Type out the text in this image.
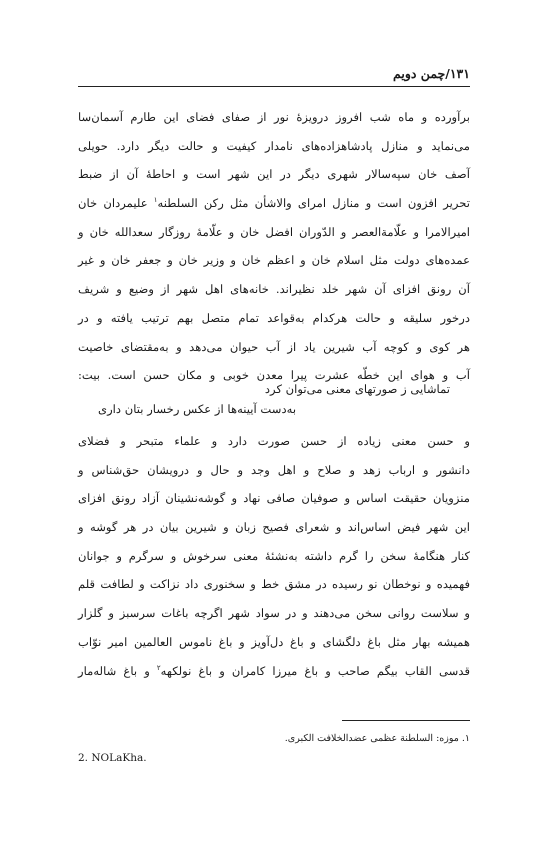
۱۳۱/چمن دویم
برآورده و ماه شب افروز درویزهٔ نور از صفای فضای این طارم آسمان‌سا
می‌نماید و منازل پادشاهزاده‌های نامدار کیفیت و حالت دیگر دارد. حویلی
آصف خان سپه‌سالار شهری دیگر در این شهر است و احاطهٔ آن از ضبط
تحریر افزون است و منازل امرای والاشأن مثل رکن السلطنه$^۱$ علیمردان خان
امیرالامرا و علّامةالعصر و الدّوران افضل خان و علّامهٔ روزگار سعدالله خان و
عمده‌های دولت مثل اسلام خان و اعظم خان و وزیر خان و جعفر خان و غیر
آن رونق افزای آن شهر خلد نظیراند. خانه‌های اهل شهر از وضیع و شریف
درخور سلیقه و حالت هرکدام به‌قواعد تمام متصل بهم ترتیب یافته و در
هر کوی و کوچه آب شیرین یاد از آب حیوان می‌دهد و به‌مقتضای خاصیت
آب و هوای این خطّه عشرت پیرا معدن خوبی و مکان حسن است. بیت:
تماشایی ز صورتهای معنی می‌توان کرد
به‌دست آیینه‌ها از عکس رخسار بتان داری
و حسن معنی زیاده از حسن صورت دارد و علماء متبحر و فضلای
دانشور و ارباب زهد و صلاح و اهل وجد و حال و درویشان حق‌شناس و
منزویان حقیقت اساس و صوفیان صافی نهاد و گوشه‌نشینان آزاد رونق افزای
این شهر فیض اساس‌اند و شعرای فصیح زبان و شیرین بیان در هر گوشه و
کنار هنگامهٔ سخن را گرم داشته به‌نشئهٔ معنی سرخوش و سرگرم و جوانان
فهمیده و نوخطان نو رسیده در مشق خط و سخنوری داد نزاکت و لطافت قلم
و سلاست روانی سخن می‌دهند و در سواد شهر اگرچه باغات سرسبز و گلزار
همیشه بهار مثل باغ دلگشای و باغ دل‌آویز و باغ ناموس العالمین امیر نوّاب
قدسی القاب بیگم صاحب و باغ میرزا کامران و باغ نولکهه$^۲$ و باغ شاله‌مار
۱. موزه: السلطنة عظمی عضدالخلافت الکبری.
2. NOLaKha.
